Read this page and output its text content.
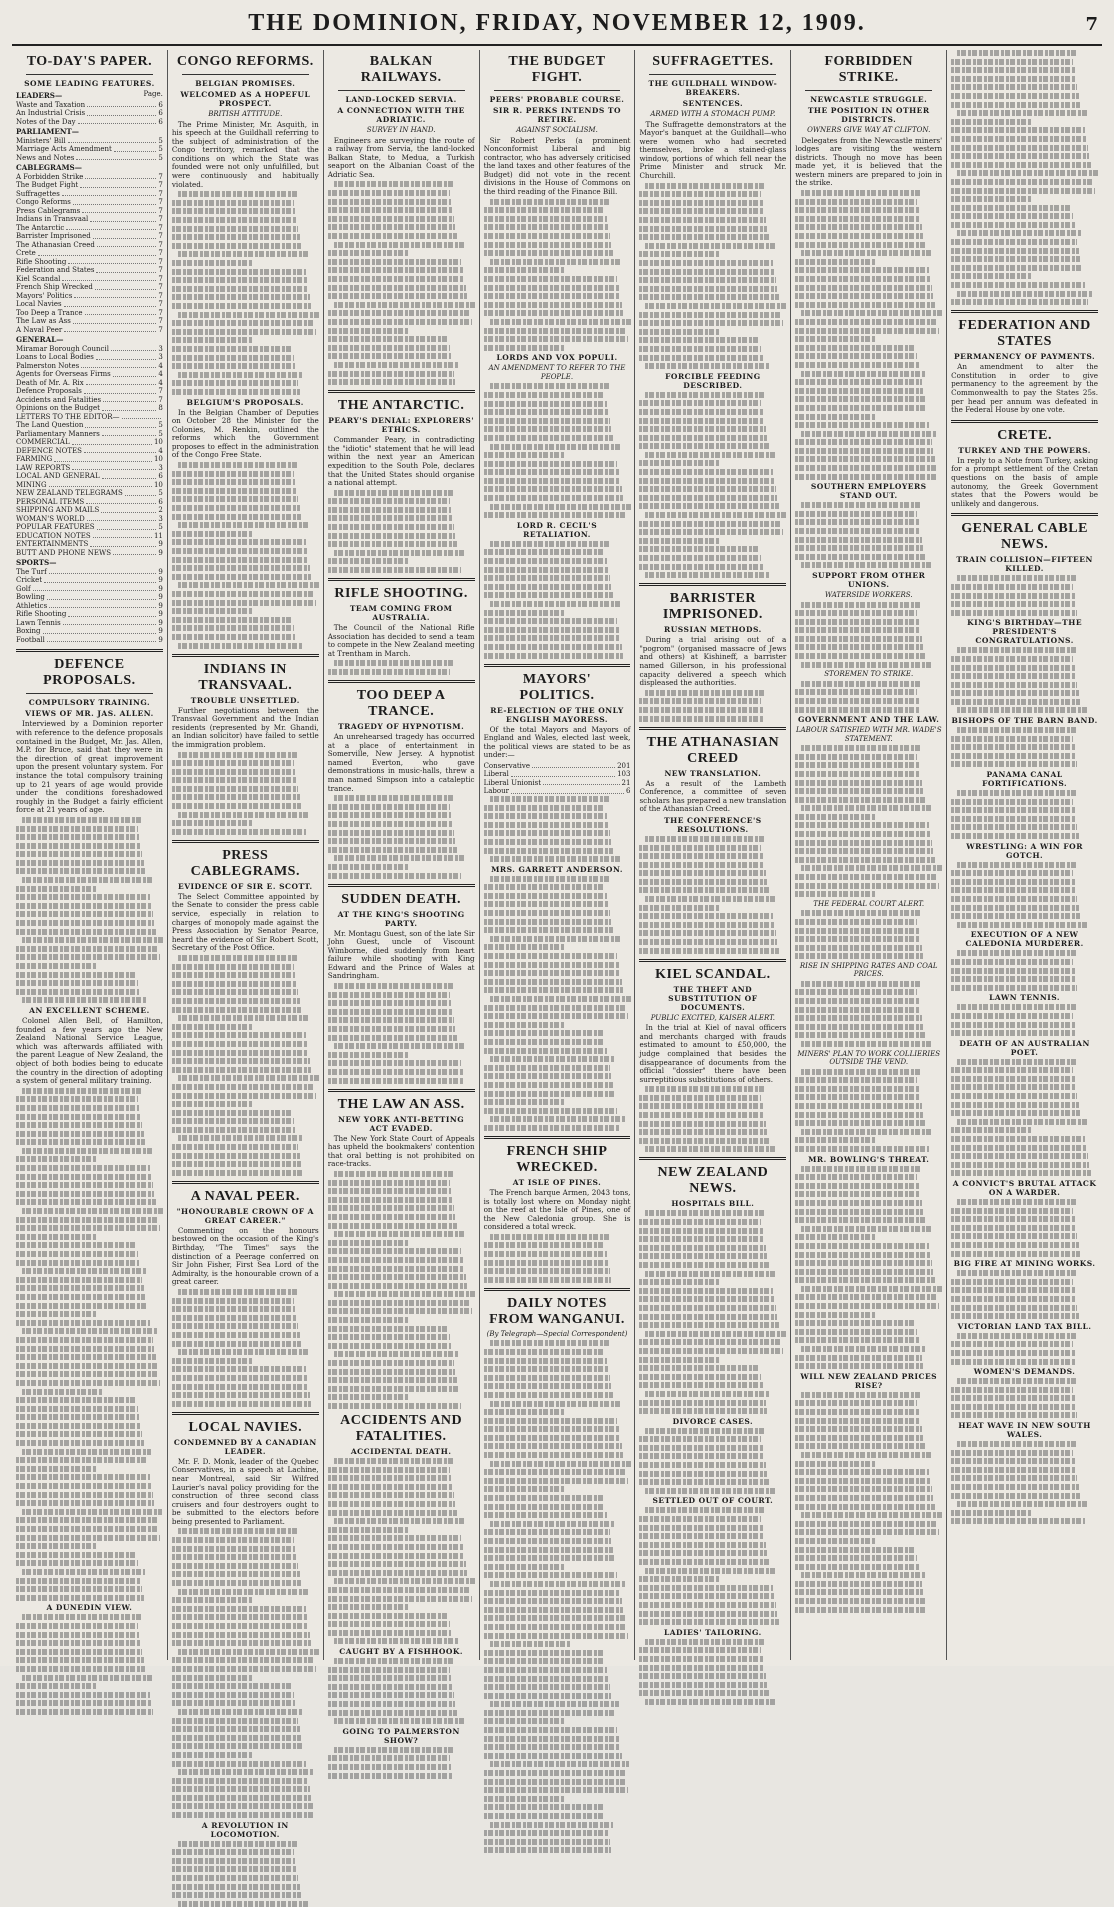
THE DOMINION, FRIDAY, NOVEMBER 12, 1909.	7
TO-DAY'S PAPER.
SOME LEADING FEATURES.
LEADERS—	Page.
Waste and Taxation	6
An Industrial Crisis	6
Notes of the Day	6
PARLIAMENT—
Ministers' Bill	5
Marriage Acts Amendment	5
News and Notes	5
CABLEGRAMS—
A Forbidden Strike	7
The Budget Fight	7
Suffragettes	7
Congo Reforms	7
Press Cablegrams	7
Indians in Transvaal	7
The Antarctic	7
Barrister Imprisoned	7
The Athanasian Creed	7
Crete	7
Rifle Shooting	7
Federation and States	7
Kiel Scandal	7
French Ship Wrecked	7
Mayors' Politics	7
Local Navies	7
Too Deep a Trance	7
The Law as Ass	7
A Naval Peer	7
GENERAL—
Miramar Borough Council	3
Loans to Local Bodies	3
Palmerston Notes	4
Agents for Overseas Firms	4
Death of Mr. A. Rix	4
Defence Proposals	7
Accidents and Fatalities	7
Opinions on the Budget	8
LETTERS TO THE EDITOR—
The Land Question	5
Parliamentary Manners	5
COMMERCIAL	10
DEFENCE NOTES	4
FARMING	10
LAW REPORTS	3
LOCAL AND GENERAL	6
MINING	10
NEW ZEALAND TELEGRAMS	5
PERSONAL ITEMS	6
SHIPPING AND MAILS	2
WOMAN'S WORLD	3
POPULAR FEATURES	5
EDUCATION NOTES	11
ENTERTAINMENTS	9
BUTT AND PHONE NEWS	9
SPORTS—
The Turf	9
Cricket	9
Golf	9
Bowling	9
Athletics	9
Rifle Shooting	9
Lawn Tennis	9
Boxing	9
Football	9
DEFENCE PROPOSALS.
COMPULSORY TRAINING.
VIEWS OF MR. JAS. ALLEN.

Interviewed by a Dominion reporter with reference to the defence proposals contained in the Budget, Mr. Jas. Allen, M.P. for Bruce, said that they were in the direction of great improvement upon the present voluntary system. For instance the total compulsory training up to 21 years of age would provide under the conditions foreshadowed roughly in the Budget a fairly efficient force at 21 years of age.

AN EXCELLENT SCHEME.

Colonel Allen Bell, of Hamilton, founded a few years ago the New Zealand National Service League, which was afterwards affiliated with the parent League of New Zealand, the object of both bodies being to educate the country in the direction of adopting a system of general military training.

A DUNEDIN VIEW.
CONGO REFORMS.
BELGIAN PROMISES.
WELCOMED AS A HOPEFUL PROSPECT.
BRITISH ATTITUDE.

The Prime Minister, Mr. Asquith, in his speech at the Guildhall referring to the subject of administration of the Congo territory, remarked that the conditions on which the State was founded were not only unfulfilled, but were continuously and habitually violated.

BELGIUM'S PROPOSALS.

In the Belgian Chamber of Deputies on October 28 the Minister for the Colonies, M. Renkin, outlined the reforms which the Government proposes to effect in the administration of the Congo Free State.

INDIANS IN TRANSVAAL.
TROUBLE UNSETTLED.

Further negotiations between the Transvaal Government and the Indian residents (represented by Mr. Ghandi, an Indian solicitor) have failed to settle the immigration problem.

PRESS CABLEGRAMS.
EVIDENCE OF SIR E. SCOTT.

The Select Committee appointed by the Senate to consider the press cable service, especially in relation to charges of monopoly made against the Press Association by Senator Pearce, heard the evidence of Sir Robert Scott, Secretary of the Post Office.

A NAVAL PEER.
"HONOURABLE CROWN OF A GREAT CAREER."

Commenting on the honours bestowed on the occasion of the King's Birthday, "The Times" says the distinction of a Peerage conferred on Sir John Fisher, First Sea Lord of the Admiralty, is the honourable crown of a great career.

LOCAL NAVIES.
CONDEMNED BY A CANADIAN LEADER.

Mr. F. D. Monk, leader of the Quebec Conservatives, in a speech at Lachine, near Montreal, said Sir Wilfred Laurier's naval policy providing for the construction of three second class cruisers and four destroyers ought to be submitted to the electors before being presented to Parliament.

A REVOLUTION IN LOCOMOTION.
BALKAN RAILWAYS.
LAND-LOCKED SERVIA.
A CONNECTION WITH THE ADRIATIC.
SURVEY IN HAND.

Engineers are surveying the route of a railway from Servia, the land-locked Balkan State, to Medua, a Turkish seaport on the Albanian Coast of the Adriatic Sea.

THE ANTARCTIC.
PEARY'S DENIAL: EXPLORERS' ETHICS.

Commander Peary, in contradicting the "idiotic" statement that he will lead within the next year an American expedition to the South Pole, declares that the United States should organise a national attempt.

RIFLE SHOOTING.
TEAM COMING FROM AUSTRALIA.

The Council of the National Rifle Association has decided to send a team to compete in the New Zealand meeting at Trentham in March.

TOO DEEP A TRANCE.
TRAGEDY OF HYPNOTISM.

An unrehearsed tragedy has occurred at a place of entertainment in Somerville, New Jersey. A hypnotist named Everton, who gave demonstrations in music-halls, threw a man named Simpson into a cataleptic trance.

SUDDEN DEATH.
AT THE KING'S SHOOTING PARTY.

Mr. Montagu Guest, son of the late Sir John Guest, uncle of Viscount Wimborne, died suddenly from heart failure while shooting with King Edward and the Prince of Wales at Sandringham.

THE LAW AN ASS.
NEW YORK ANTI-BETTING ACT EVADED.

The New York State Court of Appeals has upheld the bookmakers' contention that oral betting is not prohibited on race-tracks.

ACCIDENTS AND FATALITIES.
ACCIDENTAL DEATH.
CAUGHT BY A FISHHOOK.
GOING TO PALMERSTON SHOW?
THE BUDGET FIGHT.
PEERS' PROBABLE COURSE.
SIR R. PERKS INTENDS TO RETIRE.
AGAINST SOCIALISM.

Sir Robert Perks (a prominent Nonconformist Liberal and big contractor, who has adversely criticised the land taxes and other features of the Budget) did not vote in the recent divisions in the House of Commons on the third reading of the Finance Bill.

LORDS AND VOX POPULI.
AN AMENDMENT TO REFER TO THE PEOPLE.
LORD R. CECIL'S RETALIATION.
MAYORS' POLITICS.
RE-ELECTION OF THE ONLY ENGLISH MAYORESS.

Of the total Mayors and Mayors of England and Wales, elected last week, the political views are stated to be as under:—

Conservative	201
Liberal	103
Liberal Unionist	21
Labour	6
MRS. GARRETT ANDERSON.
FRENCH SHIP WRECKED.
AT ISLE OF PINES.

The French barque Armen, 2043 tons, is totally lost where on Monday night on the reef at the Isle of Pines, one of the New Caledonia group. She is considered a total wreck.

DAILY NOTES FROM WANGANUI.
(By Telegraph—Special Correspondent)
SUFFRAGETTES.
THE GUILDHALL WINDOW-BREAKERS.
SENTENCES.
ARMED WITH A STOMACH PUMP.

The Suffragette demonstrators at the Mayor's banquet at the Guildhall—who were women who had secreted themselves, broke a stained-glass window, portions of which fell near the Prime Minister and struck Mr. Churchill.

FORCIBLE FEEDING DESCRIBED.
BARRISTER IMPRISONED.
RUSSIAN METHODS.

During a trial arising out of a "pogrom" (organised massacre of Jews and others) at Kishineff, a barrister named Gillerson, in his professional capacity delivered a speech which displeased the authorities.

THE ATHANASIAN CREED
NEW TRANSLATION.

As a result of the Lambeth Conference, a committee of seven scholars has prepared a new translation of the Athanasian Creed.

THE CONFERENCE'S RESOLUTIONS.
KIEL SCANDAL.
THE THEFT AND SUBSTITUTION OF DOCUMENTS.
PUBLIC EXCITED, KAISER ALERT.

In the trial at Kiel of naval officers and merchants charged with frauds estimated to amount to £50,000, the judge complained that besides the disappearance of documents from the official "dossier" there have been surreptitious substitutions of others.

NEW ZEALAND NEWS.
HOSPITALS BILL.
DIVORCE CASES.
SETTLED OUT OF COURT.
LADIES' TAILORING.
FORBIDDEN STRIKE.
NEWCASTLE STRUGGLE.
THE POSITION IN OTHER DISTRICTS.
OWNERS GIVE WAY AT CLIFTON.

Delegates from the Newcastle miners' lodges are visiting the western districts. Though no move has been made yet, it is believed that the western miners are prepared to join in the strike.

SOUTHERN EMPLOYERS STAND OUT.
SUPPORT FROM OTHER UNIONS.
WATERSIDE WORKERS.
STOREMEN TO STRIKE.
GOVERNMENT AND THE LAW.
LABOUR SATISFIED WITH MR. WADE'S STATEMENT.
THE FEDERAL COURT ALERT.
RISE IN SHIPPING RATES AND COAL PRICES.
MINERS' PLAN TO WORK COLLIERIES OUTSIDE THE VEND.
MR. BOWLING'S THREAT.
WILL NEW ZEALAND PRICES RISE?
FEDERATION AND STATES
PERMANENCY OF PAYMENTS.

An amendment to alter the Constitution in order to give permanency to the agreement by the Commonwealth to pay the States 25s. per head per annum was defeated in the Federal House by one vote.

CRETE.
TURKEY AND THE POWERS.

In reply to a Note from Turkey, asking for a prompt settlement of the Cretan questions on the basis of ample autonomy, the Greek Government states that the Powers would be unlikely and dangerous.

GENERAL CABLE NEWS.
TRAIN COLLISION—FIFTEEN KILLED.
KING'S BIRTHDAY—THE PRESIDENT'S CONGRATULATIONS.
BISHOPS OF THE BARN BAND.
PANAMA CANAL FORTIFICATIONS.
WRESTLING: A WIN FOR GOTCH.
EXECUTION OF A NEW CALEDONIA MURDERER.
LAWN TENNIS.
DEATH OF AN AUSTRALIAN POET.
A CONVICT'S BRUTAL ATTACK ON A WARDER.
BIG FIRE AT MINING WORKS.
VICTORIAN LAND TAX BILL.
WOMEN'S DEMANDS.
HEAT WAVE IN NEW SOUTH WALES.
